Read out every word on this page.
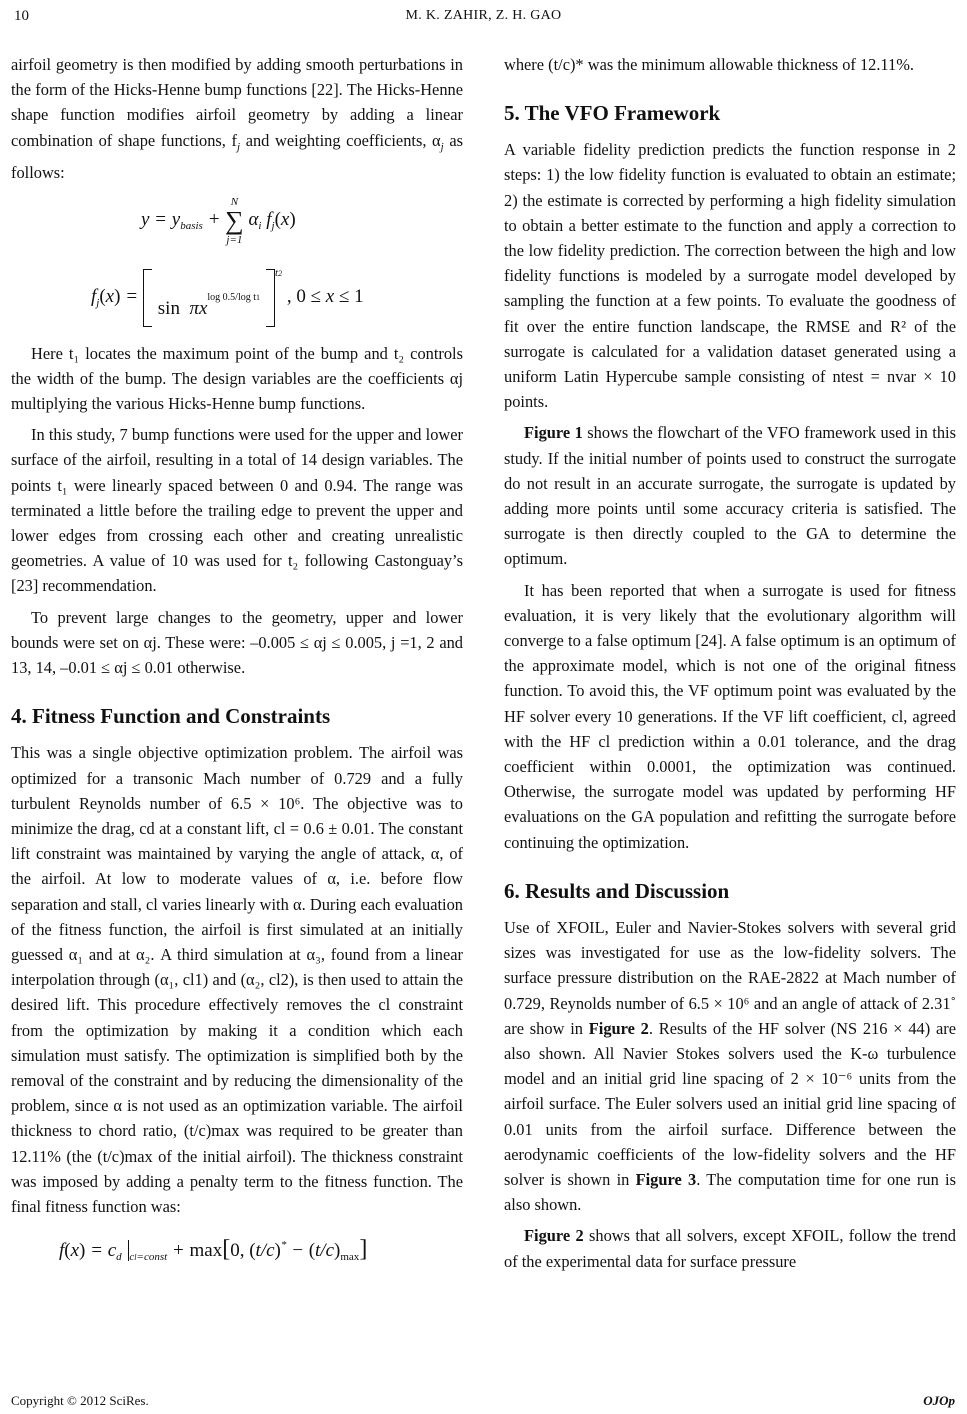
10	M. K. ZAHIR, Z. H. GAO

airfoil geometry is then modified by adding smooth perturbations in the form of the Hicks-Henne bump functions [22]. The Hicks-Henne shape function modifies airfoil geometry by adding a linear combination of shape functions, $f_j$ and weighting coefficients, $\alpha_j$ as follows:

$y = y_{basis}$ +
N
∑
j=1
$\alpha_i$ $f_j(x)$
$f_j(x)$ =
$\sin \pi x^{log 0.5/log t1t2}$ , 0 ≤ x ≤ 1

Here t₁ locates the maximum point of the bump and t₂ controls the width of the bump. The design variables are the coefficients αj multiplying the various Hicks-Henne bump functions.

In this study, 7 bump functions were used for the upper and lower surface of the airfoil, resulting in a total of 14 design variables. The points t₁ were linearly spaced between 0 and 0.94. The range was terminated a little before the trailing edge to prevent the upper and lower edges from crossing each other and creating unrealistic geometries. A value of 10 was used for t₂ following Castonguay’s [23] recommendation.

To prevent large changes to the geometry, upper and lower bounds were set on αj. These were: –0.005 ≤ αj ≤ 0.005, j =1, 2 and 13, 14, –0.01 ≤ αj ≤ 0.01 otherwise.

4. Fitness Function and Constraints

This was a single objective optimization problem. The airfoil was optimized for a transonic Mach number of 0.729 and a fully turbulent Reynolds number of 6.5 × 10⁶. The objective was to minimize the drag, cd at a constant lift, cl = 0.6 ± 0.01. The constant lift constraint was maintained by varying the angle of attack, α, of the airfoil. At low to moderate values of α, i.e. before flow separation and stall, cl varies linearly with α. During each evaluation of the fitness function, the airfoil is first simulated at an initially guessed α₁ and at α₂. A third simulation at α₃, found from a linear interpolation through (α₁, cl1) and (α₂, cl2), is then used to attain the desired lift. This procedure effectively removes the cl constraint from the optimization by making it a condition which each simulation must satisfy. The optimization is simplified both by the removal of the constraint and by reducing the dimensionality of the problem, since α is not used as an optimization variable. The airfoil thickness to chord ratio, (t/c)max was required to be greater than 12.11% (the (t/c)max of the initial airfoil). The thickness constraint was imposed by adding a penalty term to the fitness function. The final fitness function was:

$f(x) = c_d$ $_{cl=const}$ + max[0, $(t/c)^* - (t/c)_{max}$]

where (t/c)* was the minimum allowable thickness of 12.11%.

5. The VFO Framework

A variable fidelity prediction predicts the function response in 2 steps: 1) the low fidelity function is evaluated to obtain an estimate; 2) the estimate is corrected by performing a high fidelity simulation to obtain a better estimate to the function and apply a correction to the low fidelity prediction. The correction between the high and low fidelity functions is modeled by a surrogate model developed by sampling the function at a few points. To evaluate the goodness of fit over the entire function landscape, the RMSE and R² of the surrogate is calculated for a validation dataset generated using a uniform Latin Hypercube sample consisting of ntest = nvar × 10 points.

Figure 1 shows the flowchart of the VFO framework used in this study. If the initial number of points used to construct the surrogate do not result in an accurate surrogate, the surrogate is updated by adding more points until some accuracy criteria is satisfied. The surrogate is then directly coupled to the GA to determine the optimum.

It has been reported that when a surrogate is used for ﬁtness evaluation, it is very likely that the evolutionary algorithm will converge to a false optimum [24]. A false optimum is an optimum of the approximate model, which is not one of the original ﬁtness function. To avoid this, the VF optimum point was evaluated by the HF solver every 10 generations. If the VF lift coefficient, cl, agreed with the HF cl prediction within a 0.01 tolerance, and the drag coefficient within 0.0001, the optimization was continued. Otherwise, the surrogate model was updated by performing HF evaluations on the GA population and refitting the surrogate before continuing the optimization.

6. Results and Discussion

Use of XFOIL, Euler and Navier-Stokes solvers with several grid sizes was investigated for use as the low-fidelity solvers. The surface pressure distribution on the RAE-2822 at Mach number of 0.729, Reynolds number of 6.5 × 10⁶ and an angle of attack of 2.31˚ are show in Figure 2. Results of the HF solver (NS 216 × 44) are also shown. All Navier Stokes solvers used the K-ω turbulence model and an initial grid line spacing of 2 × 10⁻⁶ units from the airfoil surface. The Euler solvers used an initial grid line spacing of 0.01 units from the airfoil surface. Difference between the aerodynamic coefficients of the low-fidelity solvers and the HF solver is shown in Figure 3. The computation time for one run is also shown.

Figure 2 shows that all solvers, except XFOIL, follow the trend of the experimental data for surface pressure

Copyright © 2012 SciRes.	OJOp
